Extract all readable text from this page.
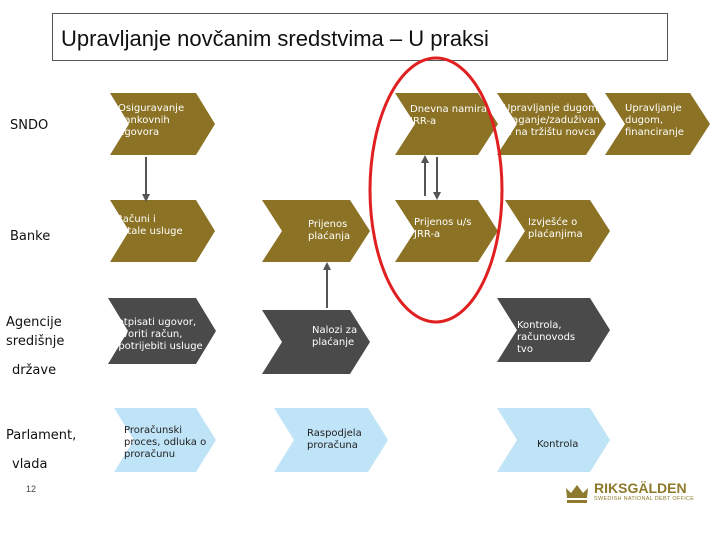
Upravljanje novčanim sredstvima – U praksi
SNDO
Banke
Agencije
središnje
države
Parlament,
vlada
Osiguravanje
bankovnih
ugovora
Računi i
ostale usluge
Potpisati ugovor,
otvoriti račun,
upotrijebiti usluge
Proračunski
proces, odluka o
proračunu
Prijenos
plaćanja
Nalozi za
plaćanje
Raspodjela
proračuna
Dnevna namira
JRR-a
Prijenos u/s
JRR-a
Upravljanje dugom,
ulaganje/zaduživan
je na tržištu novca
Izvješće o
plaćanjima
Kontrola,
računovods
tvo
Kontrola
Upravljanje
dugom,
financiranje
12	RIKSGÄLDEN
SWEDISH NATIONAL DEBT OFFICE
